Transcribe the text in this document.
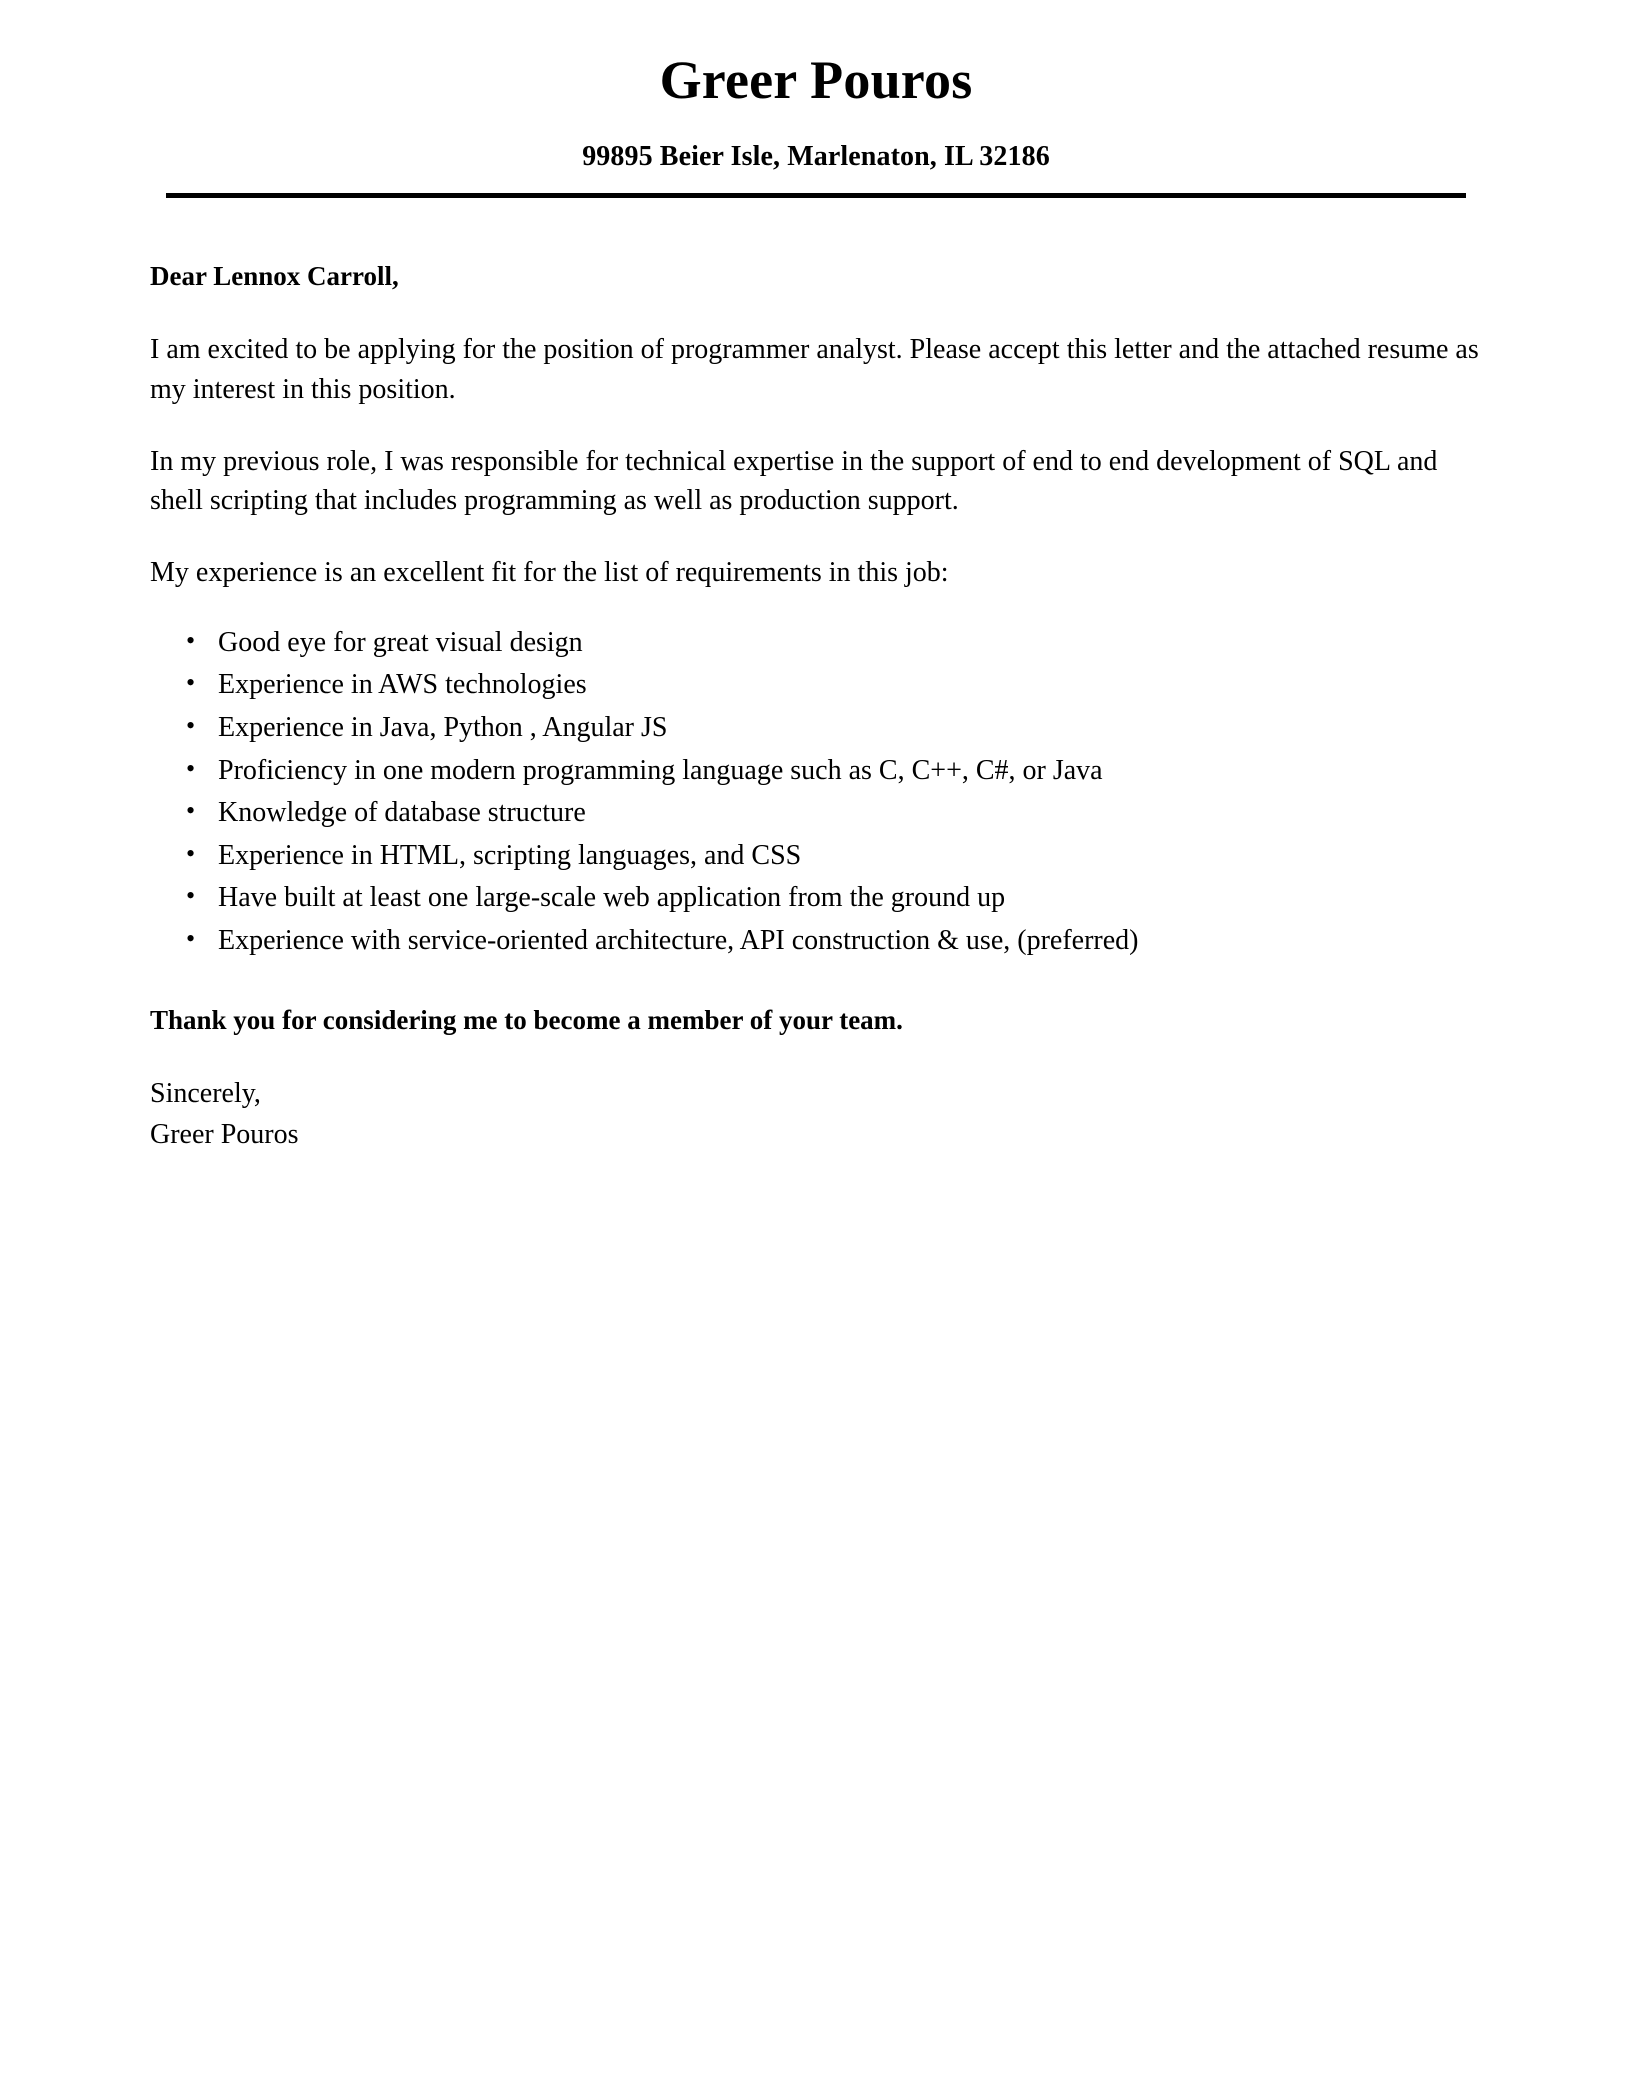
Greer Pouros

99895 Beier Isle, Marlenaton, IL 32186

Dear Lennox Carroll,

I am excited to be applying for the position of programmer analyst. Please accept this letter and the attached resume as my interest in this position.

In my previous role, I was responsible for technical expertise in the support of end to end development of SQL and shell scripting that includes programming as well as production support.

My experience is an excellent fit for the list of requirements in this job:

• Good eye for great visual design
• Experience in AWS technologies
• Experience in Java, Python , Angular JS
• Proficiency in one modern programming language such as C, C++, C#, or Java
• Knowledge of database structure
• Experience in HTML, scripting languages, and CSS
• Have built at least one large-scale web application from the ground up
• Experience with service-oriented architecture, API construction & use, (preferred)

Thank you for considering me to become a member of your team.

Sincerely,

Greer Pouros
